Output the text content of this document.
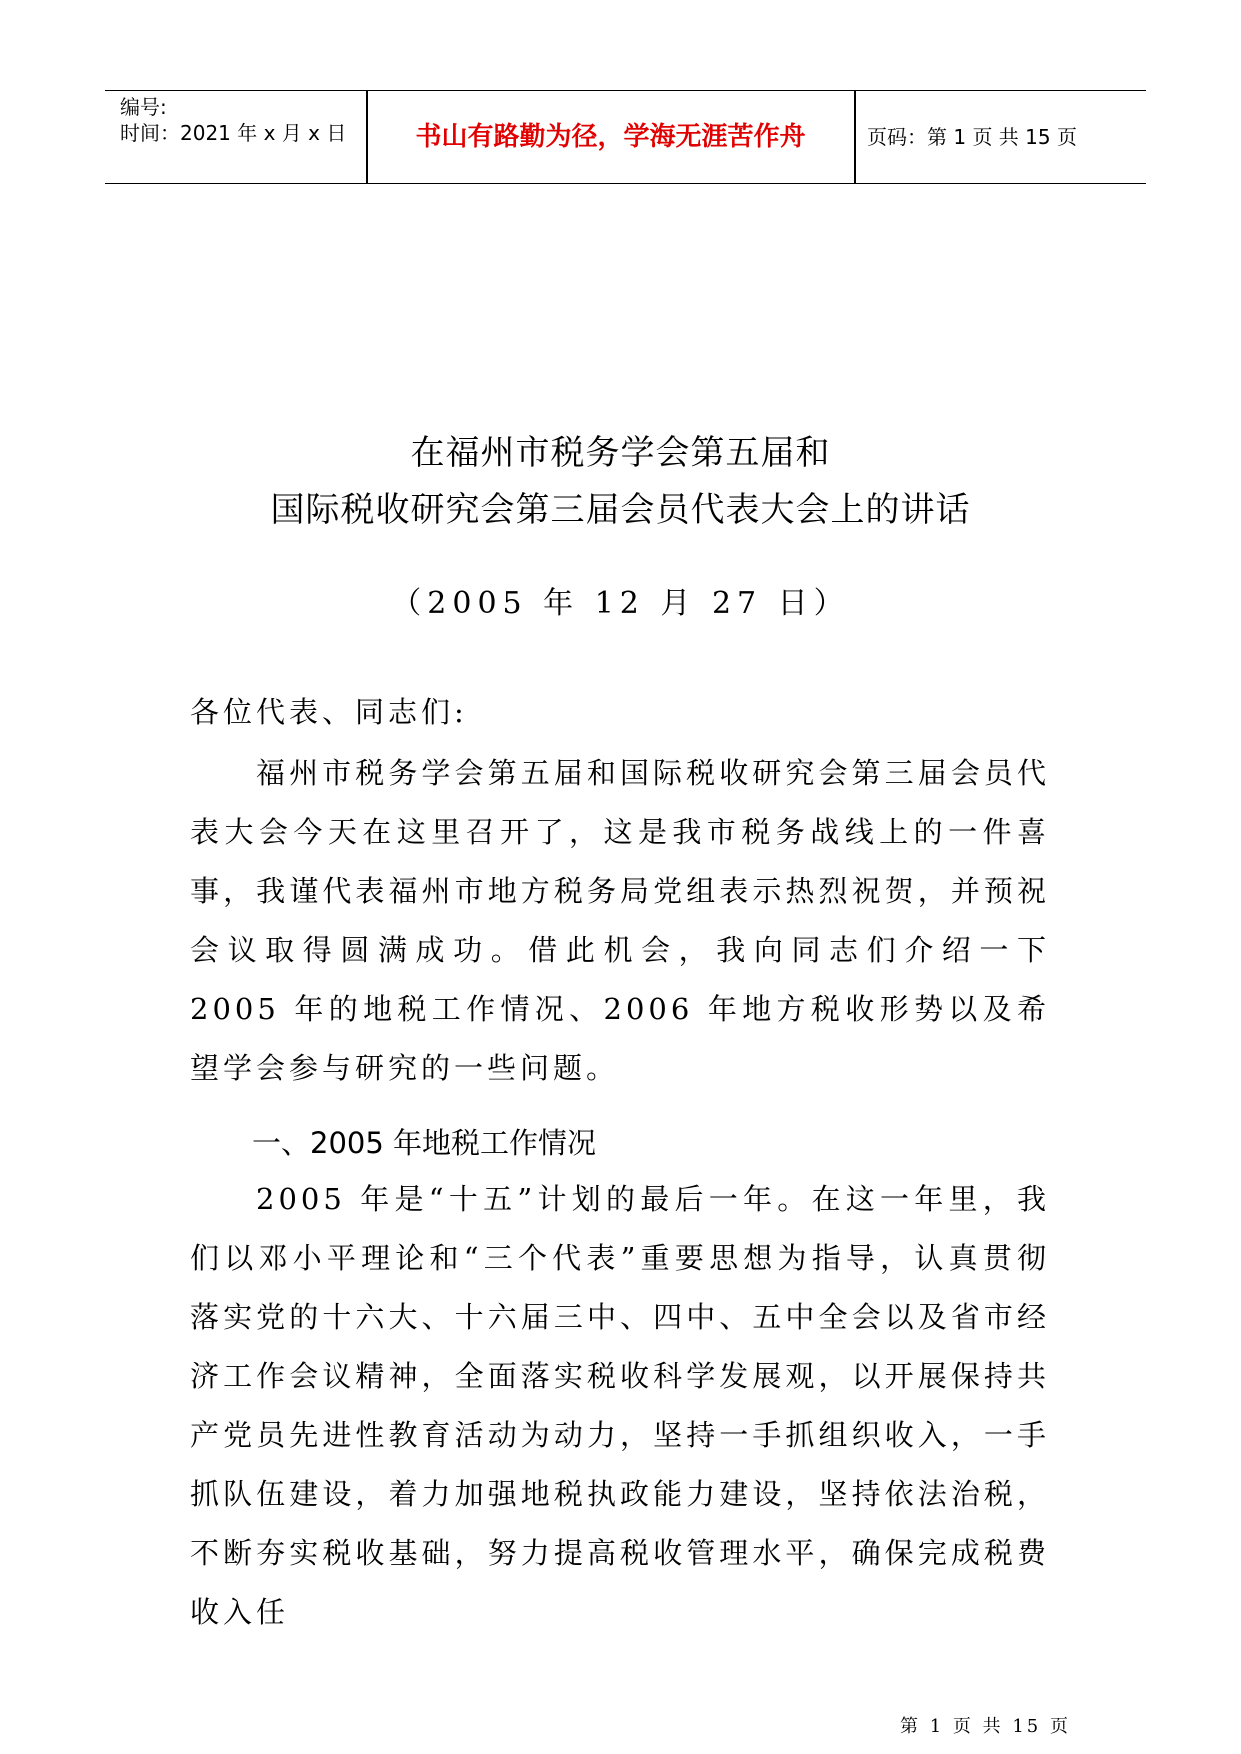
编号:
时间：2021 年 x 月 x 日	书山有路勤为径，学海无涯苦作舟	页码：第 1 页 共 15 页
在福州市税务学会第五届和
国际税收研究会第三届会员代表大会上的讲话
（2005 年 12 月 27 日）
各位代表、同志们:
福州市税务学会第五届和国际税收研究会第三届会员代表大会今天在这里召开了，这是我市税务战线上的一件喜事，我谨代表福州市地方税务局党组表示热烈祝贺，并预祝会议取得圆满成功。借此机会，我向同志们介绍一下 2005 年的地税工作情况、2006 年地方税收形势以及希望学会参与研究的一些问题。
一、2005 年地税工作情况
2005 年是“十五”计划的最后一年。在这一年里，我们以邓小平理论和“三个代表”重要思想为指导，认真贯彻落实党的十六大、十六届三中、四中、五中全会以及省市经济工作会议精神，全面落实税收科学发展观，以开展保持共产党员先进性教育活动为动力，坚持一手抓组织收入，一手抓队伍建设，着力加强地税执政能力建设，坚持依法治税，不断夯实税收基础，努力提高税收管理水平，确保完成税费收入任
第 1 页 共 15 页
